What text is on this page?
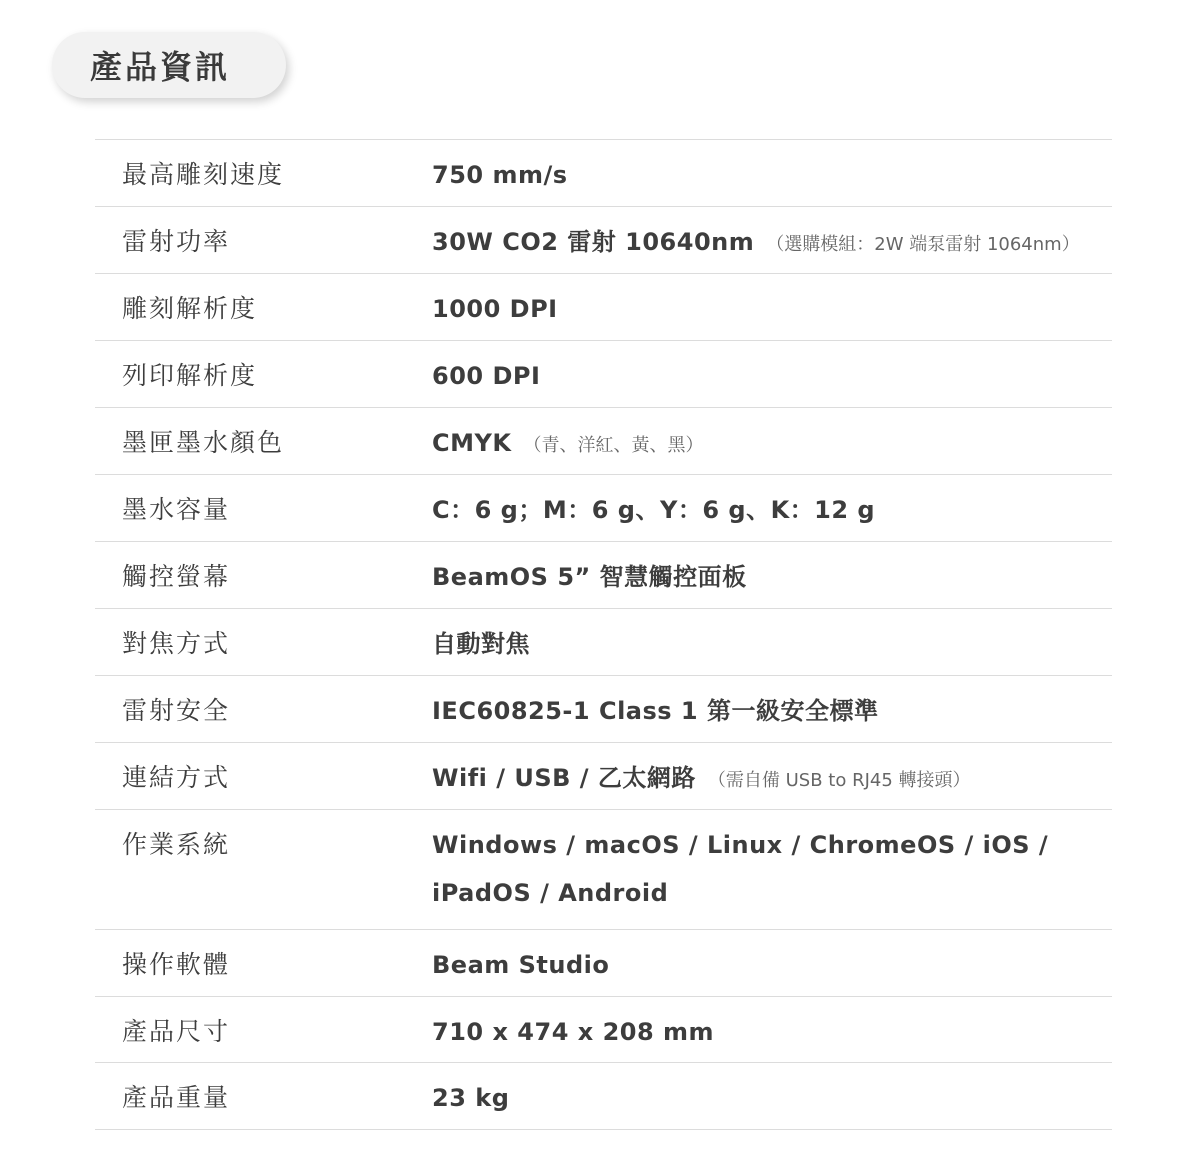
產品資訊
最高雕刻速度	750 mm/s
雷射功率	30W CO2 雷射 10640nm （選購模組：2W 端泵雷射 1064nm）
雕刻解析度	1000 DPI
列印解析度	600 DPI
墨匣墨水顏色	CMYK （青、洋紅、黃、黑）
墨水容量	C：6 g；M：6 g、Y：6 g、K：12 g
觸控螢幕	BeamOS 5” 智慧觸控面板
對焦方式	自動對焦
雷射安全	IEC60825-1 Class 1 第一級安全標準
連結方式	Wifi / USB / 乙太網路 （需自備 USB to RJ45 轉接頭）
作業系統	Windows / macOS / Linux / ChromeOS / iOS / iPadOS / Android
操作軟體	Beam Studio
產品尺寸	710 x 474 x 208 mm
產品重量	23 kg
